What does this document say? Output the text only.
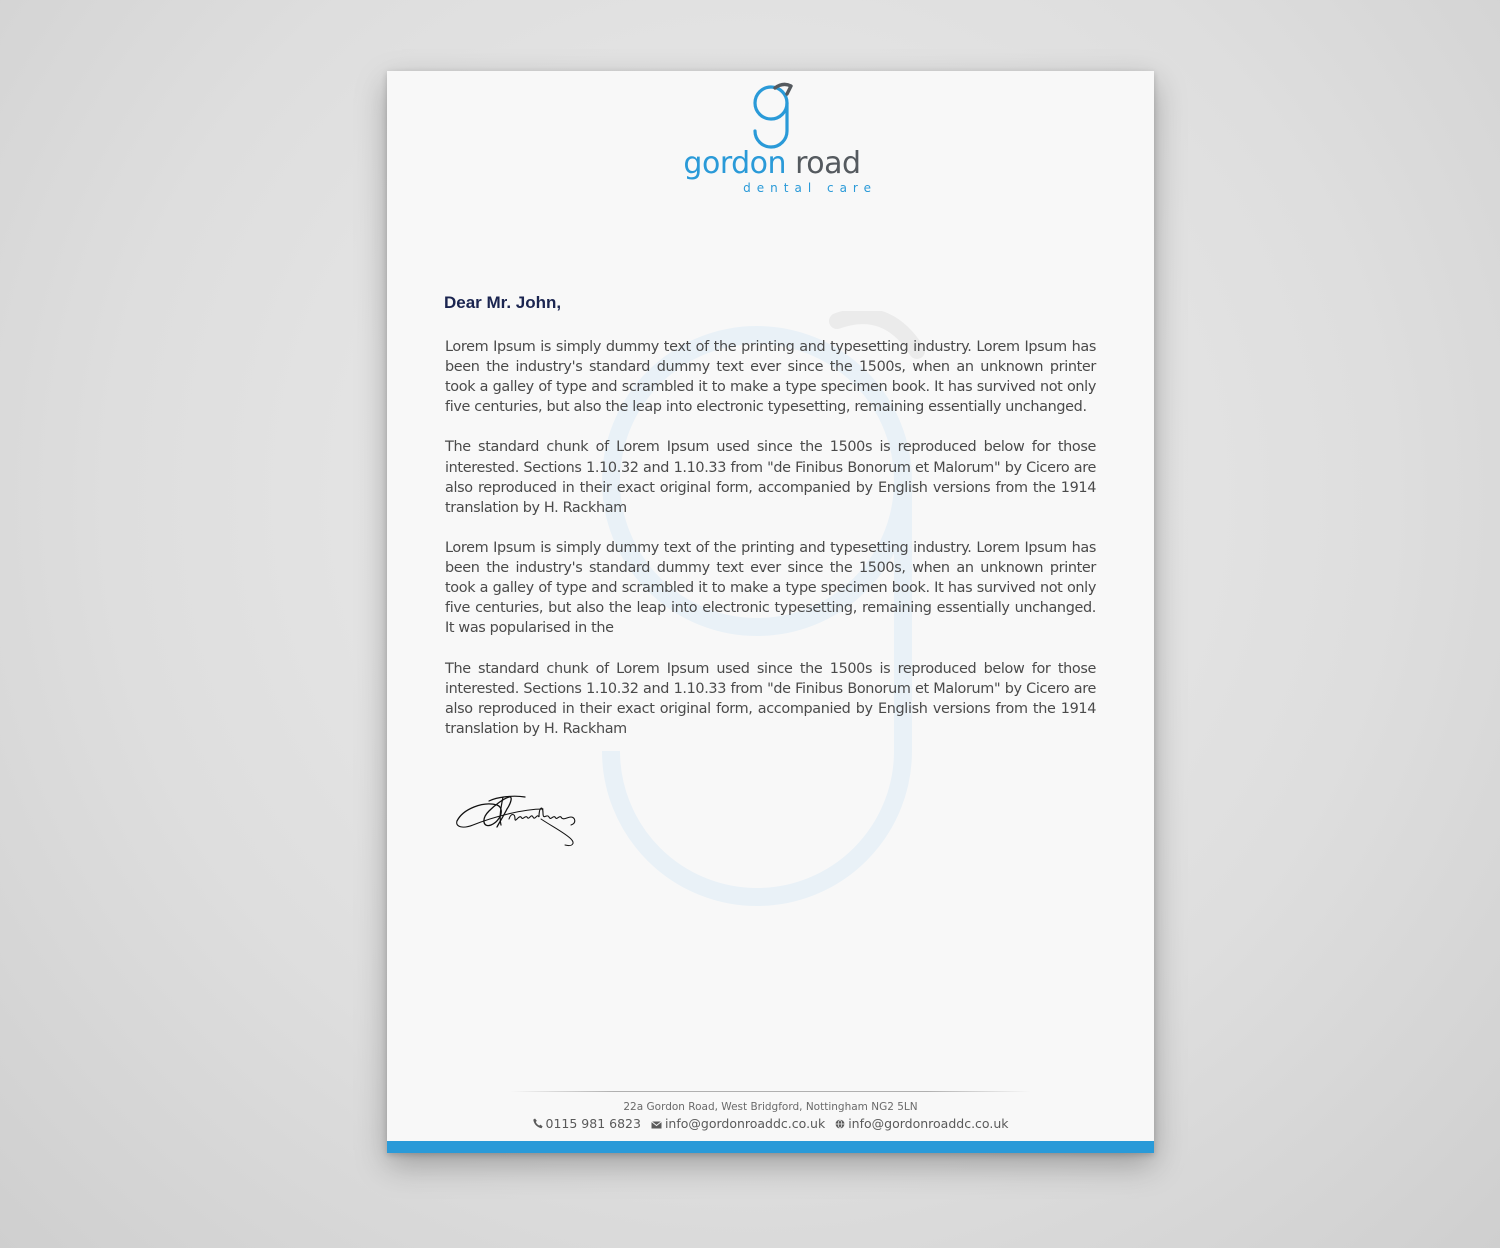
gordon road
dental care
Dear Mr. John,

Lorem Ipsum is simply dummy text of the printing and typesetting industry. Lorem Ipsum has been the industry's standard dummy text ever since the 1500s, when an unknown printer took a galley of type and scrambled it to make a type specimen book. It has survived not only five centuries, but also the leap into electronic typesetting, remaining essentially unchanged.

The standard chunk of Lorem Ipsum used since the 1500s is reproduced below for those interested. Sections 1.10.32 and 1.10.33 from "de Finibus Bonorum et Malorum" by Cicero are also reproduced in their exact original form, accompanied by English versions from the 1914 translation by H. Rackham

Lorem Ipsum is simply dummy text of the printing and typesetting industry. Lorem Ipsum has been the industry's standard dummy text ever since the 1500s, when an unknown printer took a galley of type and scrambled it to make a type specimen book. It has survived not only five centuries, but also the leap into electronic typesetting, remaining essentially unchanged. It was popularised in the

The standard chunk of Lorem Ipsum used since the 1500s is reproduced below for those interested. Sections 1.10.32 and 1.10.33 from "de Finibus Bonorum et Malorum" by Cicero are also reproduced in their exact original form, accompanied by English versions from the 1914 translation by H. Rackham

22a Gordon Road, West Bridgford, Nottingham NG2 5LN
0115 981 6823 info@gordonroaddc.co.uk info@gordonroaddc.co.uk
